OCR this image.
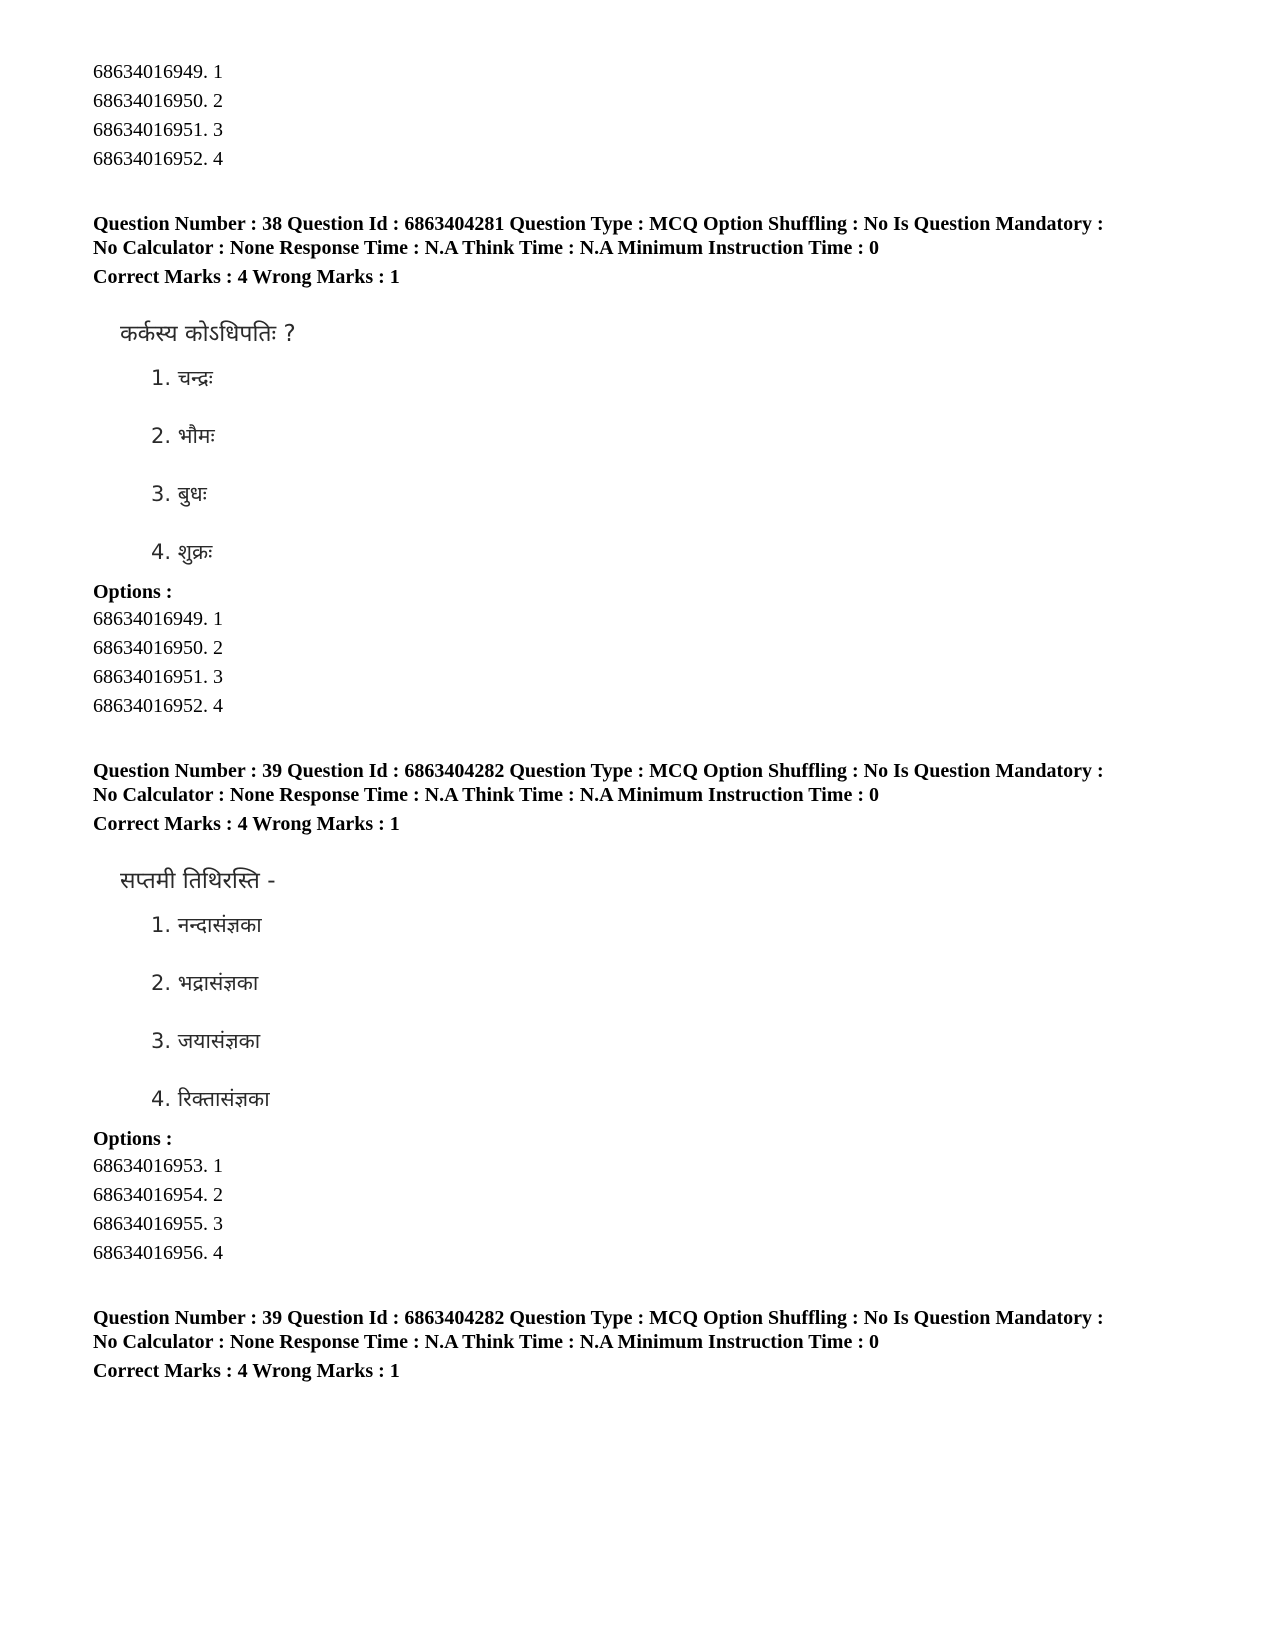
68634016949. 1
68634016950. 2
68634016951. 3
68634016952. 4
Question Number : 38 Question Id : 6863404281 Question Type : MCQ Option Shuffling : No Is Question Mandatory :
No Calculator : None Response Time : N.A Think Time : N.A Minimum Instruction Time : 0
Correct Marks : 4 Wrong Marks : 1
कर्कस्य कोऽधिपतिः ?
1. चन्द्रः
2. भौमः
3. बुधः
4. शुक्रः
Options :
68634016949. 1
68634016950. 2
68634016951. 3
68634016952. 4
Question Number : 39 Question Id : 6863404282 Question Type : MCQ Option Shuffling : No Is Question Mandatory :
No Calculator : None Response Time : N.A Think Time : N.A Minimum Instruction Time : 0
Correct Marks : 4 Wrong Marks : 1
सप्तमी तिथिरस्ति -
1. नन्दासंज्ञका
2. भद्रासंज्ञका
3. जयासंज्ञका
4. रिक्तासंज्ञका
Options :
68634016953. 1
68634016954. 2
68634016955. 3
68634016956. 4
Question Number : 39 Question Id : 6863404282 Question Type : MCQ Option Shuffling : No Is Question Mandatory :
No Calculator : None Response Time : N.A Think Time : N.A Minimum Instruction Time : 0
Correct Marks : 4 Wrong Marks : 1
